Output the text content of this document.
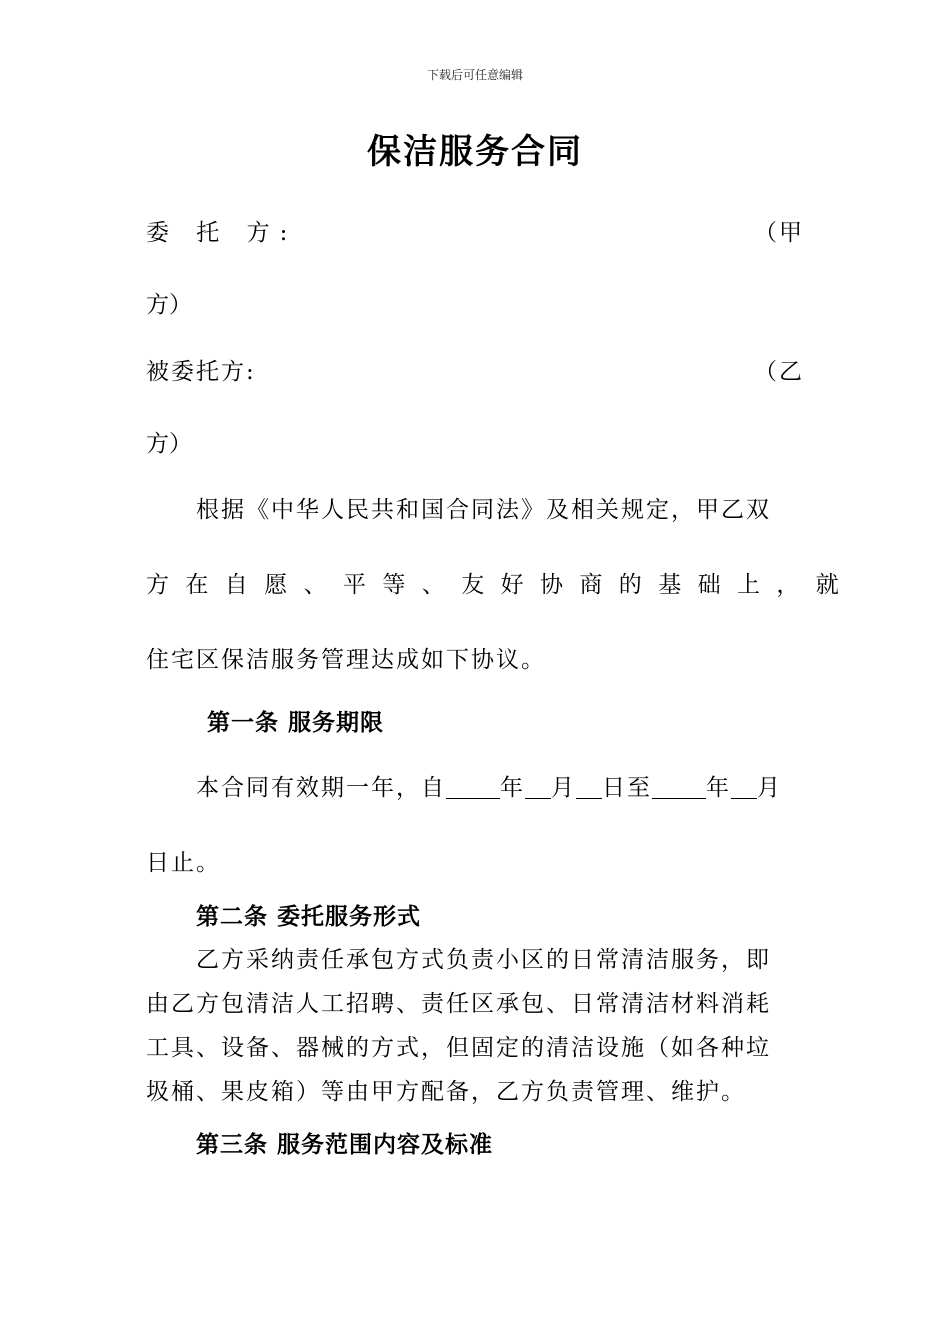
下载后可任意编辑
保洁服务合同
委 托 方:	（甲
方）
被委托方:	（乙
方）
根据《中华人民共和国合同法》及相关规定，甲乙双
方在自愿、平等、友好协商的基础上，就
住宅区保洁服务管理达成如下协议。
第一条 服务期限
本合同有效期一年，自 年 月 日至 年 月
日止。
第二条 委托服务形式
乙方采纳责任承包方式负责小区的日常清洁服务，即
由乙方包清洁人工招聘、责任区承包、日常清洁材料消耗
工具、设备、器械的方式，但固定的清洁设施（如各种垃
圾桶、果皮箱）等由甲方配备，乙方负责管理、维护。
第三条 服务范围内容及标准
